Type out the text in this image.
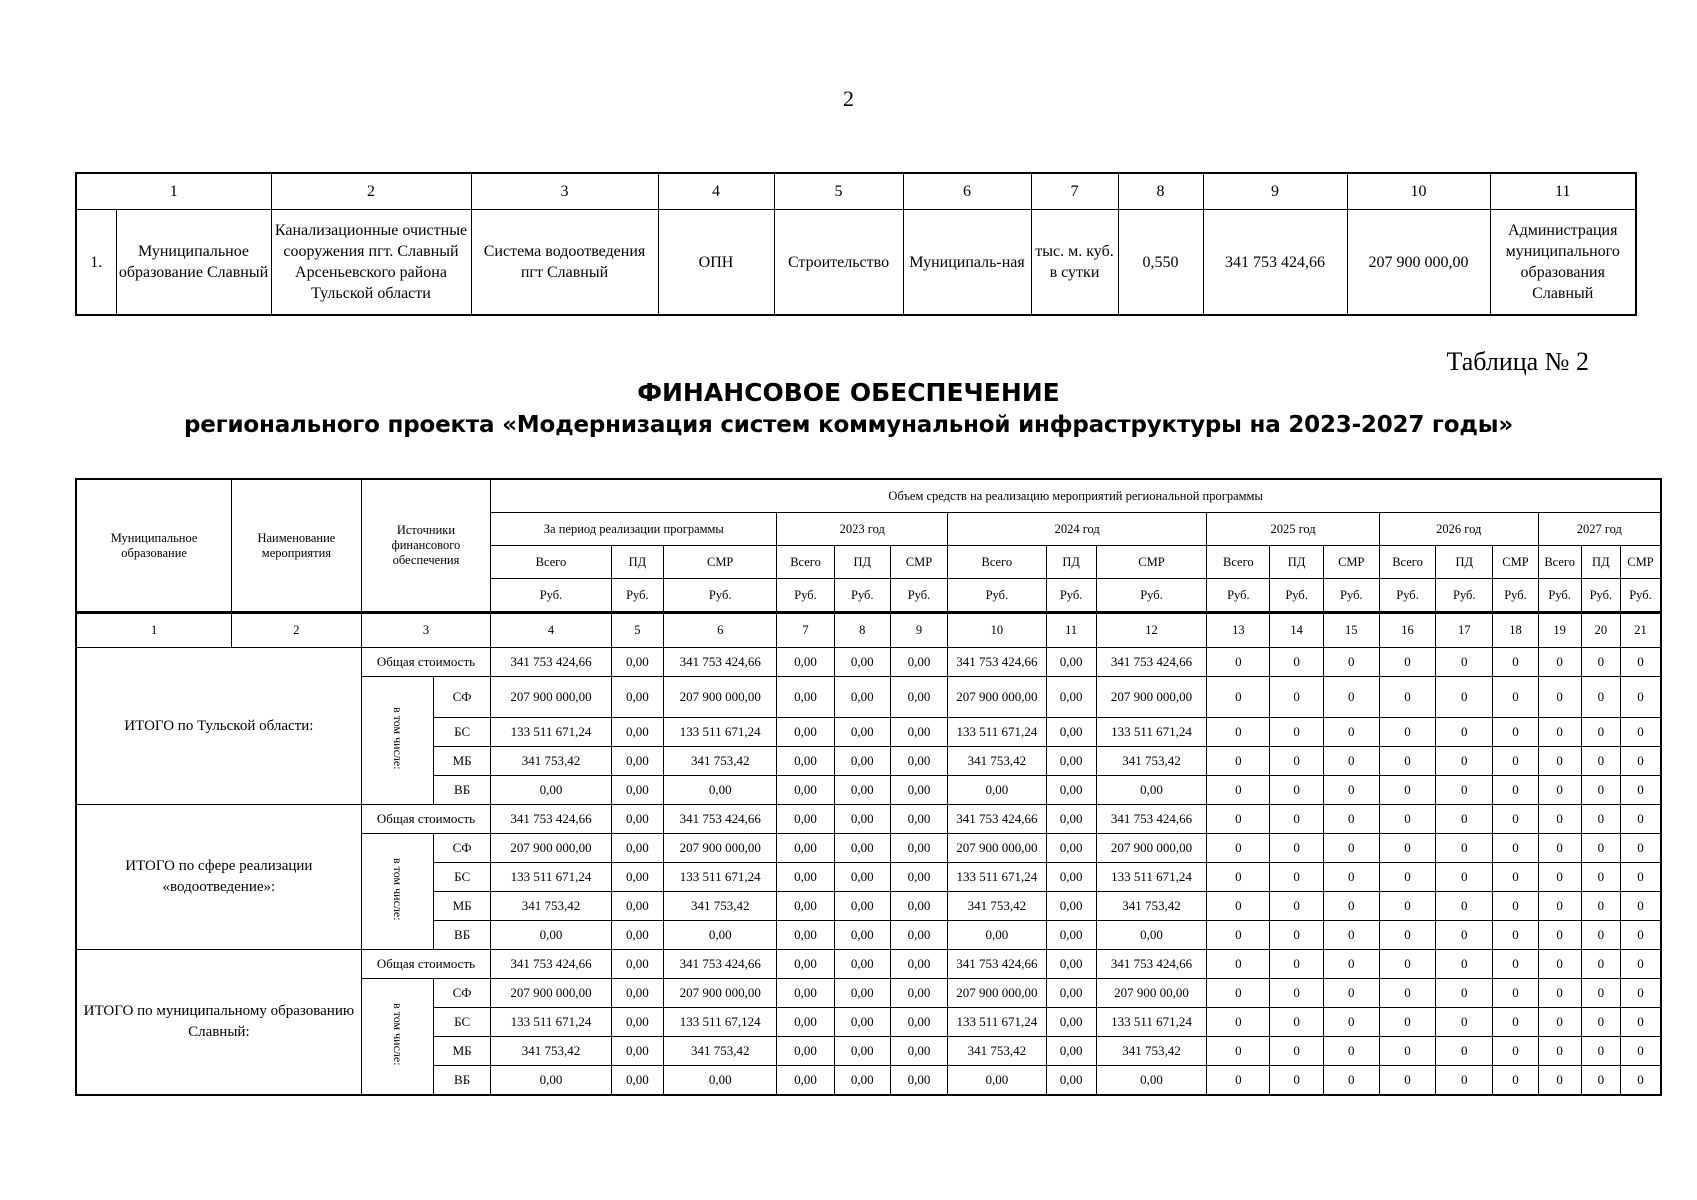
2
1		2	3	4	5	6	7	8	9	10	11
1.	Муниципальное образование Славный	Канализационные очистные сооружения пгт. Славный Арсеньевского района Тульской области	Система водоотведения пгт Славный	ОПН	Строительство	Муниципаль-ная	тыс. м. куб. в сутки	0,550	341 753 424,66	207 900 000,00	Администрация муниципального образования Славный
Таблица № 2
ФИНАНСОВОЕ ОБЕСПЕЧЕНИЕ
регионального проекта «Модернизация систем коммунальной инфраструктуры на 2023-2027 годы»
Муниципальное образование	Наименование мероприятия	Источники финансового обеспечения		Объем средств на реализацию мероприятий региональной программы																	
				За период реализации программы			2023 год			2024 год			2025 год			2026 год			2027 год		
				Всего	ПД	СМР	Всего	ПД	СМР	Всего	ПД	СМР	Всего	ПД	СМР	Всего	ПД	СМР	Всего	ПД	СМР
				Руб.	Руб.	Руб.	Руб.	Руб.	Руб.	Руб.	Руб.	Руб.	Руб.	Руб.	Руб.	Руб.	Руб.	Руб.	Руб.	Руб.	Руб.
1	2	3		4	5	6	7	8	9	10	11	12	13	14	15	16	17	18	19	20	21
ИТОГО по Тульской области:		Общая стоимость		341 753 424,66	0,00	341 753 424,66	0,00	0,00	0,00	341 753 424,66	0,00	341 753 424,66	0	0	0	0	0	0	0	0	0
		в том числе:	СФ	207 900 000,00	0,00	207 900 000,00	0,00	0,00	0,00	207 900 000,00	0,00	207 900 000,00	0	0	0	0	0	0	0	0	0
			БС	133 511 671,24	0,00	133 511 671,24	0,00	0,00	0,00	133 511 671,24	0,00	133 511 671,24	0	0	0	0	0	0	0	0	0
			МБ	341 753,42	0,00	341 753,42	0,00	0,00	0,00	341 753,42	0,00	341 753,42	0	0	0	0	0	0	0	0	0
			ВБ	0,00	0,00	0,00	0,00	0,00	0,00	0,00	0,00	0,00	0	0	0	0	0	0	0	0	0
ИТОГО по сфере реализации «водоотведение»:		Общая стоимость		341 753 424,66	0,00	341 753 424,66	0,00	0,00	0,00	341 753 424,66	0,00	341 753 424,66	0	0	0	0	0	0	0	0	0
		в том числе:	СФ	207 900 000,00	0,00	207 900 000,00	0,00	0,00	0,00	207 900 000,00	0,00	207 900 000,00	0	0	0	0	0	0	0	0	0
			БС	133 511 671,24	0,00	133 511 671,24	0,00	0,00	0,00	133 511 671,24	0,00	133 511 671,24	0	0	0	0	0	0	0	0	0
			МБ	341 753,42	0,00	341 753,42	0,00	0,00	0,00	341 753,42	0,00	341 753,42	0	0	0	0	0	0	0	0	0
			ВБ	0,00	0,00	0,00	0,00	0,00	0,00	0,00	0,00	0,00	0	0	0	0	0	0	0	0	0
ИТОГО по муниципальному образованию Славный:		Общая стоимость		341 753 424,66	0,00	341 753 424,66	0,00	0,00	0,00	341 753 424,66	0,00	341 753 424,66	0	0	0	0	0	0	0	0	0
		в том числе:	СФ	207 900 000,00	0,00	207 900 000,00	0,00	0,00	0,00	207 900 000,00	0,00	207 900 00,00	0	0	0	0	0	0	0	0	0
			БС	133 511 671,24	0,00	133 511 67,124	0,00	0,00	0,00	133 511 671,24	0,00	133 511 671,24	0	0	0	0	0	0	0	0	0
			МБ	341 753,42	0,00	341 753,42	0,00	0,00	0,00	341 753,42	0,00	341 753,42	0	0	0	0	0	0	0	0	0
			ВБ	0,00	0,00	0,00	0,00	0,00	0,00	0,00	0,00	0,00	0	0	0	0	0	0	0	0	0
